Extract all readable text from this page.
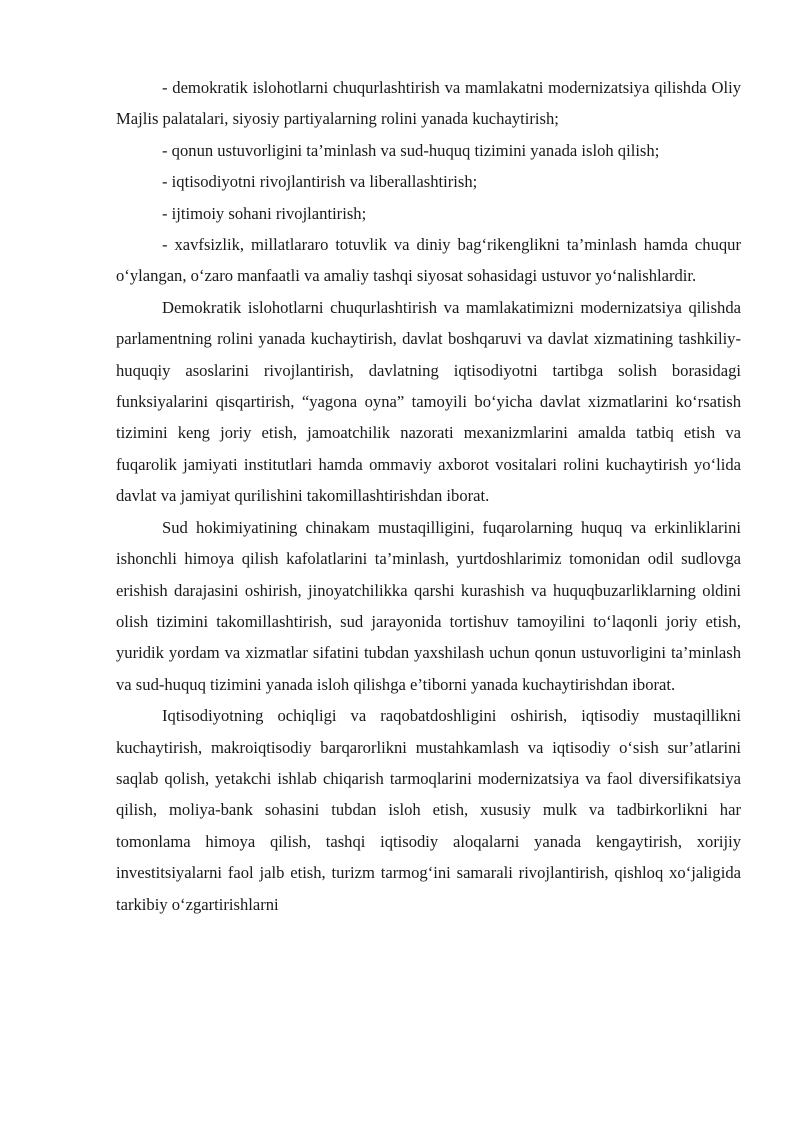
- demokratik islohotlarni chuqurlashtirish va mamlakatni modernizatsiya qilishda Oliy Majlis palatalari, siyosiy partiyalarning rolini yanada kuchaytirish;

- qonun ustuvorligini ta’minlash va sud-huquq tizimini yanada isloh qilish;

- iqtisodiyotni rivojlantirish va liberallashtirish;

- ijtimoiy sohani rivojlantirish;

- xavfsizlik, millatlararo totuvlik va diniy bag‘rikenglikni ta’minlash hamda chuqur o‘ylangan, o‘zaro manfaatli va amaliy tashqi siyosat sohasidagi ustuvor yo‘nalishlardir.

Demokratik islohotlarni chuqurlashtirish va mamlakatimizni modernizatsiya qilishda parlamentning rolini yanada kuchaytirish, davlat boshqaruvi va davlat xizmatining tashkiliy-huquqiy asoslarini rivojlantirish, davlatning iqtisodiyotni tartibga solish borasidagi funksiyalarini qisqartirish, “yagona oyna” tamoyili bo‘yicha davlat xizmatlarini ko‘rsatish tizimini keng joriy etish, jamoatchilik nazorati mexanizmlarini amalda tatbiq etish va fuqarolik jamiyati institutlari hamda ommaviy axborot vositalari rolini kuchaytirish yo‘lida davlat va jamiyat qurilishini takomillashtirishdan iborat.

Sud hokimiyatining chinakam mustaqilligini, fuqarolarning huquq va erkinliklarini ishonchli himoya qilish kafolatlarini ta’minlash, yurtdoshlarimiz tomonidan odil sudlovga erishish darajasini oshirish, jinoyatchilikka qarshi kurashish va huquqbuzarliklarning oldini olish tizimini takomillashtirish, sud jarayonida tortishuv tamoyilini to‘laqonli joriy etish, yuridik yordam va xizmatlar sifatini tubdan yaxshilash uchun qonun ustuvorligini ta’minlash va sud-huquq tizimini yanada isloh qilishga e’tiborni yanada kuchaytirishdan iborat.

Iqtisodiyotning ochiqligi va raqobatdoshligini oshirish, iqtisodiy mustaqillikni kuchaytirish, makroiqtisodiy barqarorlikni mustahkamlash va iqtisodiy o‘sish sur’atlarini saqlab qolish, yetakchi ishlab chiqarish tarmoqlarini modernizatsiya va faol diversifikatsiya qilish, moliya-bank sohasini tubdan isloh etish, xususiy mulk va tadbirkorlikni har tomonlama himoya qilish, tashqi iqtisodiy aloqalarni yanada kengaytirish, xorijiy investitsiyalarni faol jalb etish, turizm tarmog‘ini samarali rivojlantirish, qishloq xo‘jaligida tarkibiy o‘zgartirishlarni
